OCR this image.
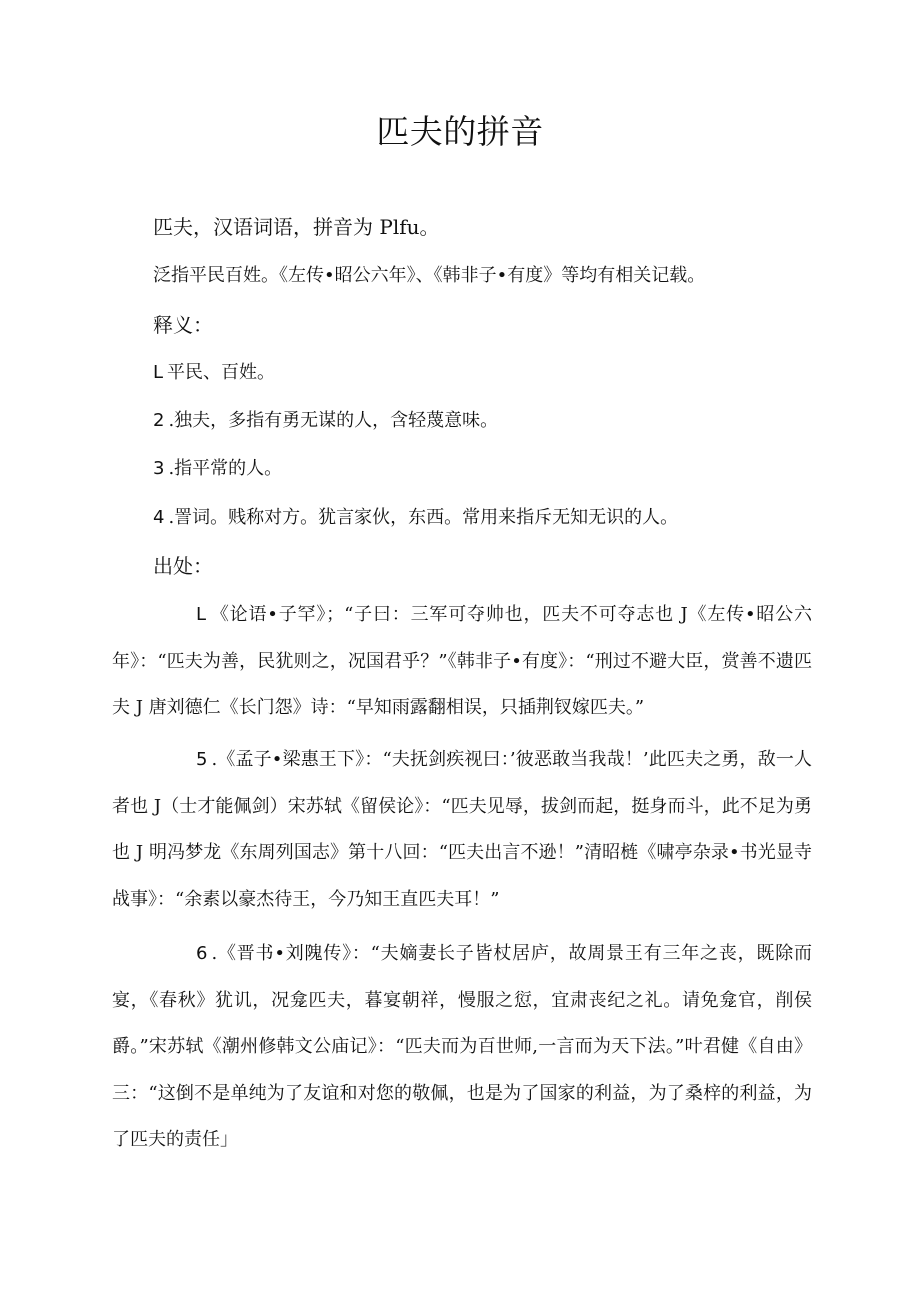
匹夫的拼音
匹夫，汉语词语，拼音为 Plfu。
泛指平民百姓。《左传•昭公六年》、《韩非子•有度》等均有相关记载。
释义：
L 平民、百姓。
2 .独夫，多指有勇无谋的人，含轻蔑意味。
3 .指平常的人。
4 .詈词。贱称对方。犹言家伙，东西。常用来指斥无知无识的人。
出处：
L 《论语•子罕》；“子曰：三军可夺帅也，匹夫不可夺志也 J《左传•昭公六年》：“匹夫为善，民犹则之，况国君乎？”《韩非子•有度》：“刑过不避大臣，赏善不遗匹夫 J 唐刘德仁《长门怨》诗：“早知雨露翻相误，只插荆钗嫁匹夫。”
5 .《孟子•梁惠王下》：“夫抚剑疾视曰：’彼恶敢当我哉！’此匹夫之勇，敌一人者也 J（士才能佩剑）宋苏轼《留侯论》：“匹夫见辱，拔剑而起，挺身而斗，此不足为勇也 J 明冯梦龙《东周列国志》第十八回：“匹夫出言不逊！”清昭梿《啸亭杂录•书光显寺战事》：“余素以豪杰待王，今乃知王直匹夫耳！”
6 .《晋书•刘隗传》：“夫嫡妻长子皆杖居庐，故周景王有三年之丧，既除而宴，《春秋》犹讥，况龛匹夫，暮宴朝祥，慢服之愆，宜肃丧纪之礼。请免龛官，削侯爵。”宋苏轼《潮州修韩文公庙记》：“匹夫而为百世师,一言而为天下法。”叶君健《自由》三：“这倒不是单纯为了友谊和对您的敬佩，也是为了国家的利益，为了桑梓的利益，为了匹夫的责任」
